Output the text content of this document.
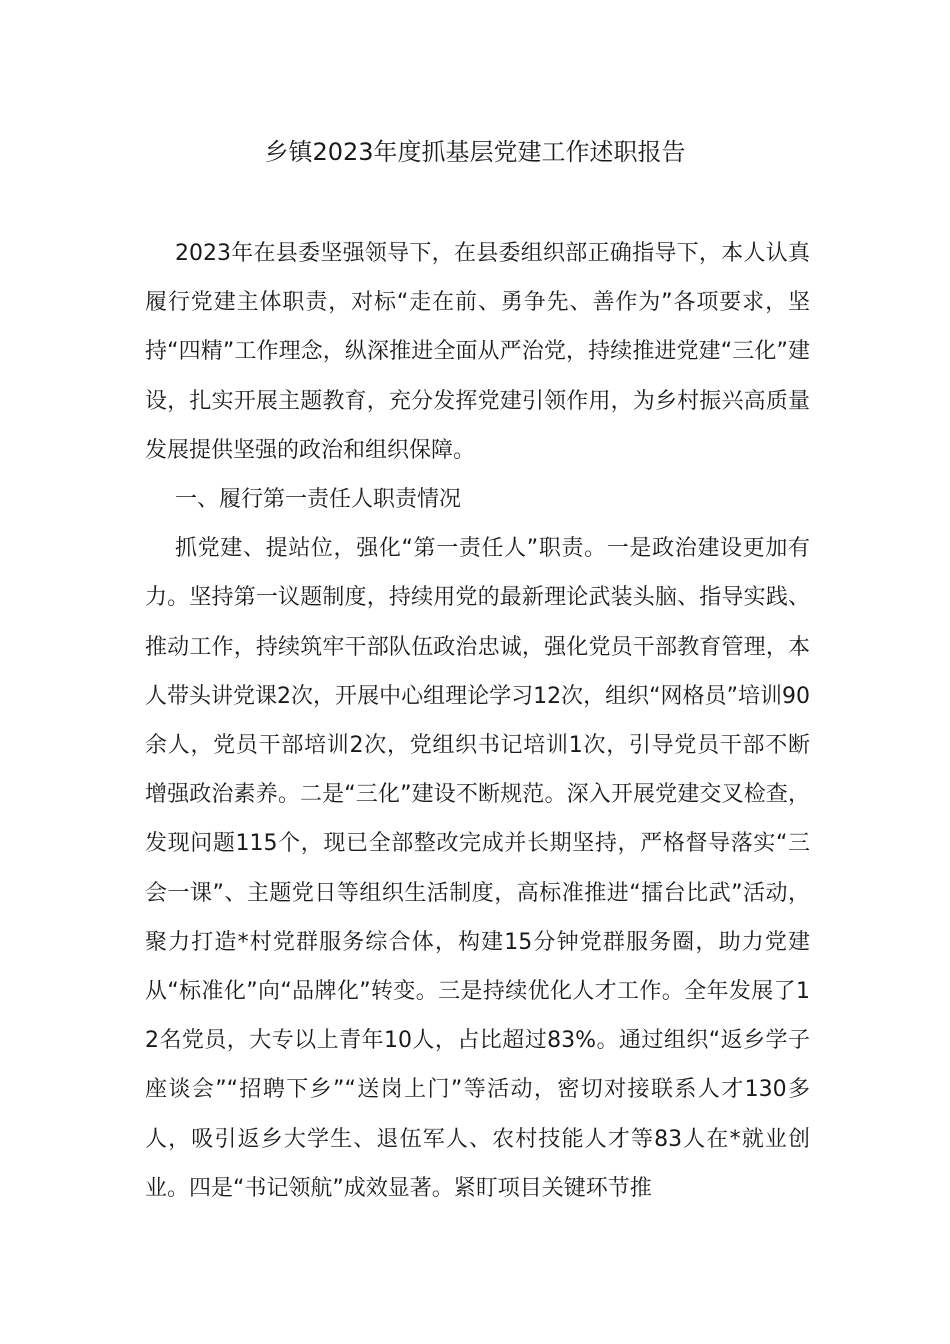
乡镇2023年度抓基层党建工作述职报告

2023年在县委坚强领导下，在县委组织部正确指导下，本人认真履行党建主体职责，对标“走在前、勇争先、善作为”各项要求，坚持“四精”工作理念，纵深推进全面从严治党，持续推进党建“三化”建设，扎实开展主题教育，充分发挥党建引领作用，为乡村振兴高质量发展提供坚强的政治和组织保障。

一、履行第一责任人职责情况

抓党建、提站位，强化“第一责任人”职责。一是政治建设更加有力。坚持第一议题制度，持续用党的最新理论武装头脑、指导实践、推动工作，持续筑牢干部队伍政治忠诚，强化党员干部教育管理，本人带头讲党课2次，开展中心组理论学习12次，组织“网格员”培训90余人，党员干部培训2次，党组织书记培训1次，引导党员干部不断增强政治素养。二是“三化”建设不断规范。深入开展党建交叉检查，发现问题115个，现已全部整改完成并长期坚持，严格督导落实“三会一课”、主题党日等组织生活制度，高标准推进“擂台比武”活动，聚力打造*村党群服务综合体，构建15分钟党群服务圈，助力党建从“标准化”向“品牌化”转变。三是持续优化人才工作。全年发展了12名党员，大专以上青年10人，占比超过83%。通过组织“返乡学子座谈会”“招聘下乡”“送岗上门”等活动，密切对接联系人才130多人，吸引返乡大学生、退伍军人、农村技能人才等83人在*就业创业。四是“书记领航”成效显著。紧盯项目关键环节推
